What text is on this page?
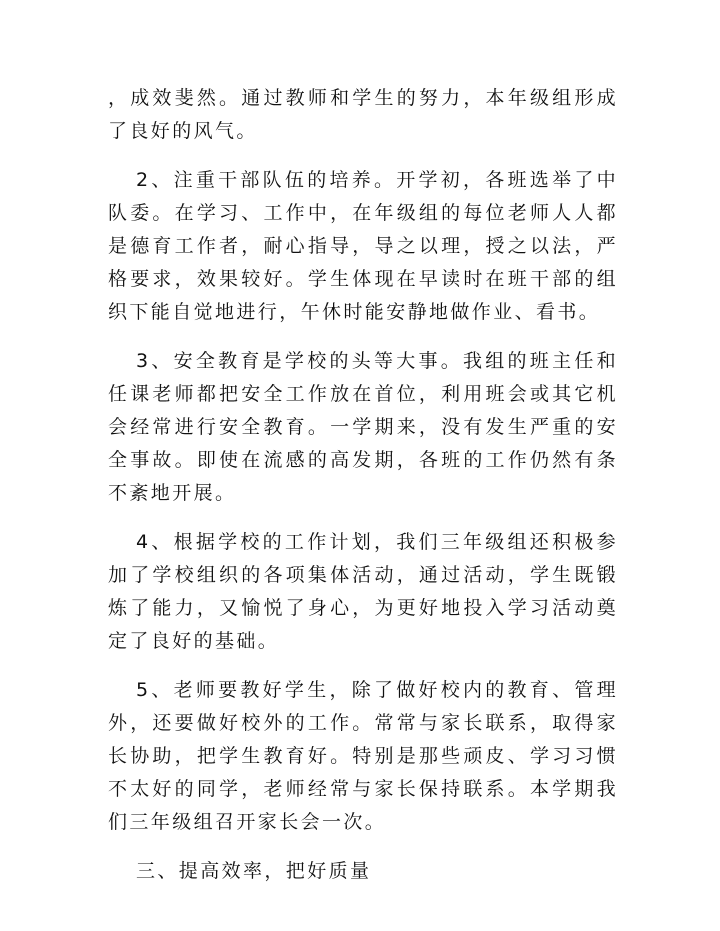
，成效斐然。通过教师和学生的努力，本年级组形成了良好的风气。

2、注重干部队伍的培养。开学初，各班选举了中队委。在学习、工作中，在年级组的每位老师人人都是德育工作者，耐心指导，导之以理，授之以法，严格要求，效果较好。学生体现在早读时在班干部的组织下能自觉地进行，午休时能安静地做作业、看书。

3、安全教育是学校的头等大事。我组的班主任和任课老师都把安全工作放在首位，利用班会或其它机会经常进行安全教育。一学期来，没有发生严重的安全事故。即使在流感的高发期，各班的工作仍然有条不紊地开展。

4、根据学校的工作计划，我们三年级组还积极参加了学校组织的各项集体活动，通过活动，学生既锻炼了能力，又愉悦了身心，为更好地投入学习活动奠定了良好的基础。

5、老师要教好学生，除了做好校内的教育、管理外，还要做好校外的工作。常常与家长联系，取得家长协助，把学生教育好。特别是那些顽皮、学习习惯不太好的同学，老师经常与家长保持联系。本学期我们三年级组召开家长会一次。

三、提高效率，把好质量
